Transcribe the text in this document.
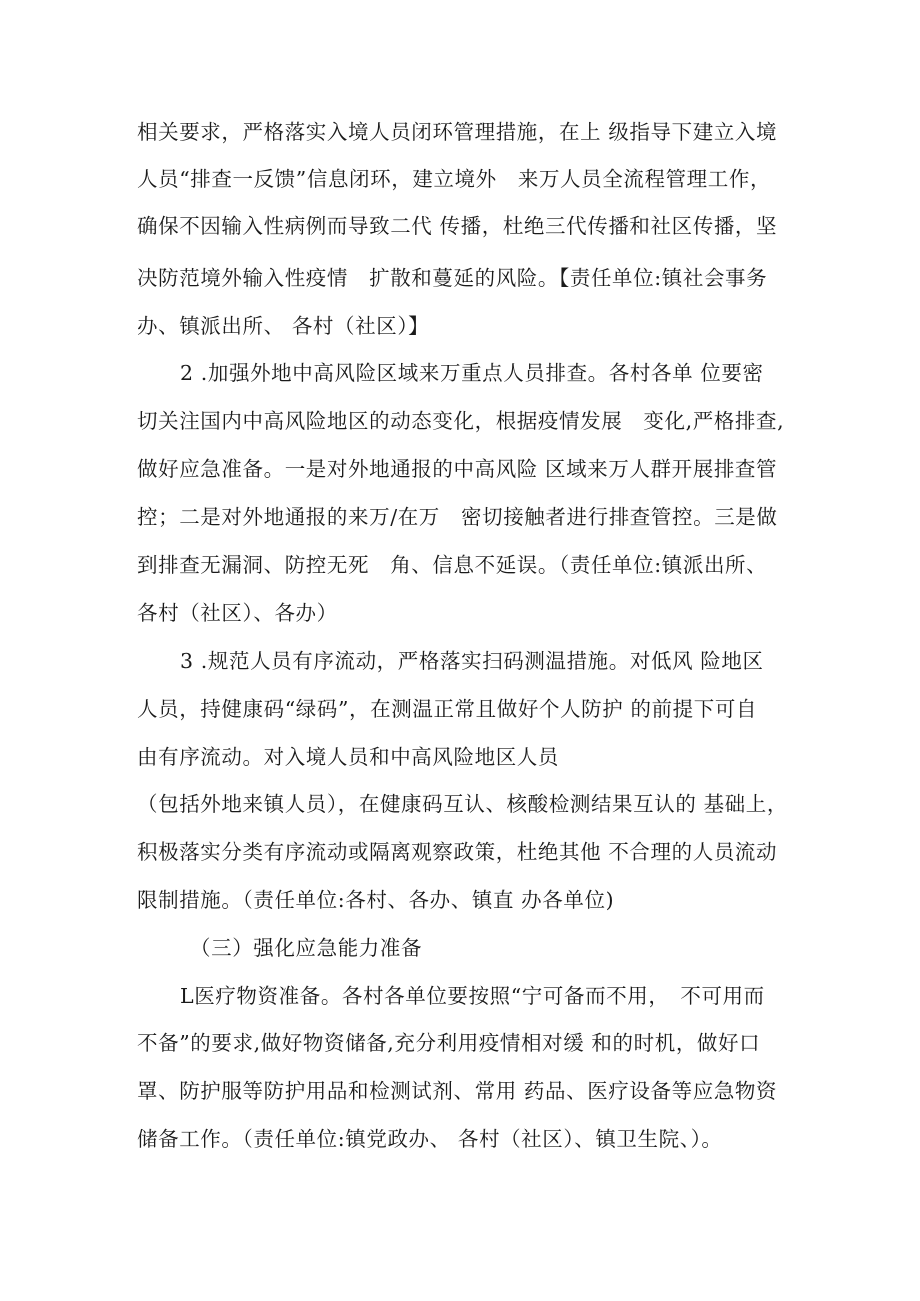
相关要求，严格落实入境人员闭环管理措施，在上 级指导下建立入境
人员“排查一反馈”信息闭环，建立境外　来万人员全流程管理工作，
确保不因输入性病例而导致二代 传播，杜绝三代传播和社区传播，坚
决防范境外输入性疫情　扩散和蔓延的风险。【责任单位:镇社会事务
办、镇派出所、 各村（社区）】
2 .加强外地中高风险区域来万重点人员排查。各村各单 位要密
切关注国内中高风险地区的动态变化，根据疫情发展　变化,严格排查,
做好应急准备。一是对外地通报的中高风险 区域来万人群开展排查管
控；二是对外地通报的来万/在万　密切接触者进行排查管控。三是做
到排查无漏洞、防控无死　角、信息不延误。（责任单位:镇派出所、
各村（社区）、各办）
3 .规范人员有序流动，严格落实扫码测温措施。对低风 险地区
人员，持健康码“绿码”，在测温正常且做好个人防护 的前提下可自
由有序流动。对入境人员和中高风险地区人员
（包括外地来镇人员），在健康码互认、核酸检测结果互认的 基础上，
积极落实分类有序流动或隔离观察政策，杜绝其他 不合理的人员流动
限制措施。（责任单位:各村、各办、镇直 办各单位)
（三）强化应急能力准备
L医疗物资准备。各村各单位要按照“宁可备而不用，　不可用而
不备”的要求,做好物资储备,充分利用疫情相对缓 和的时机，做好口
罩、防护服等防护用品和检测试剂、常用 药品、医疗设备等应急物资
储备工作。（责任单位:镇党政办、 各村（社区）、镇卫生院、）。
